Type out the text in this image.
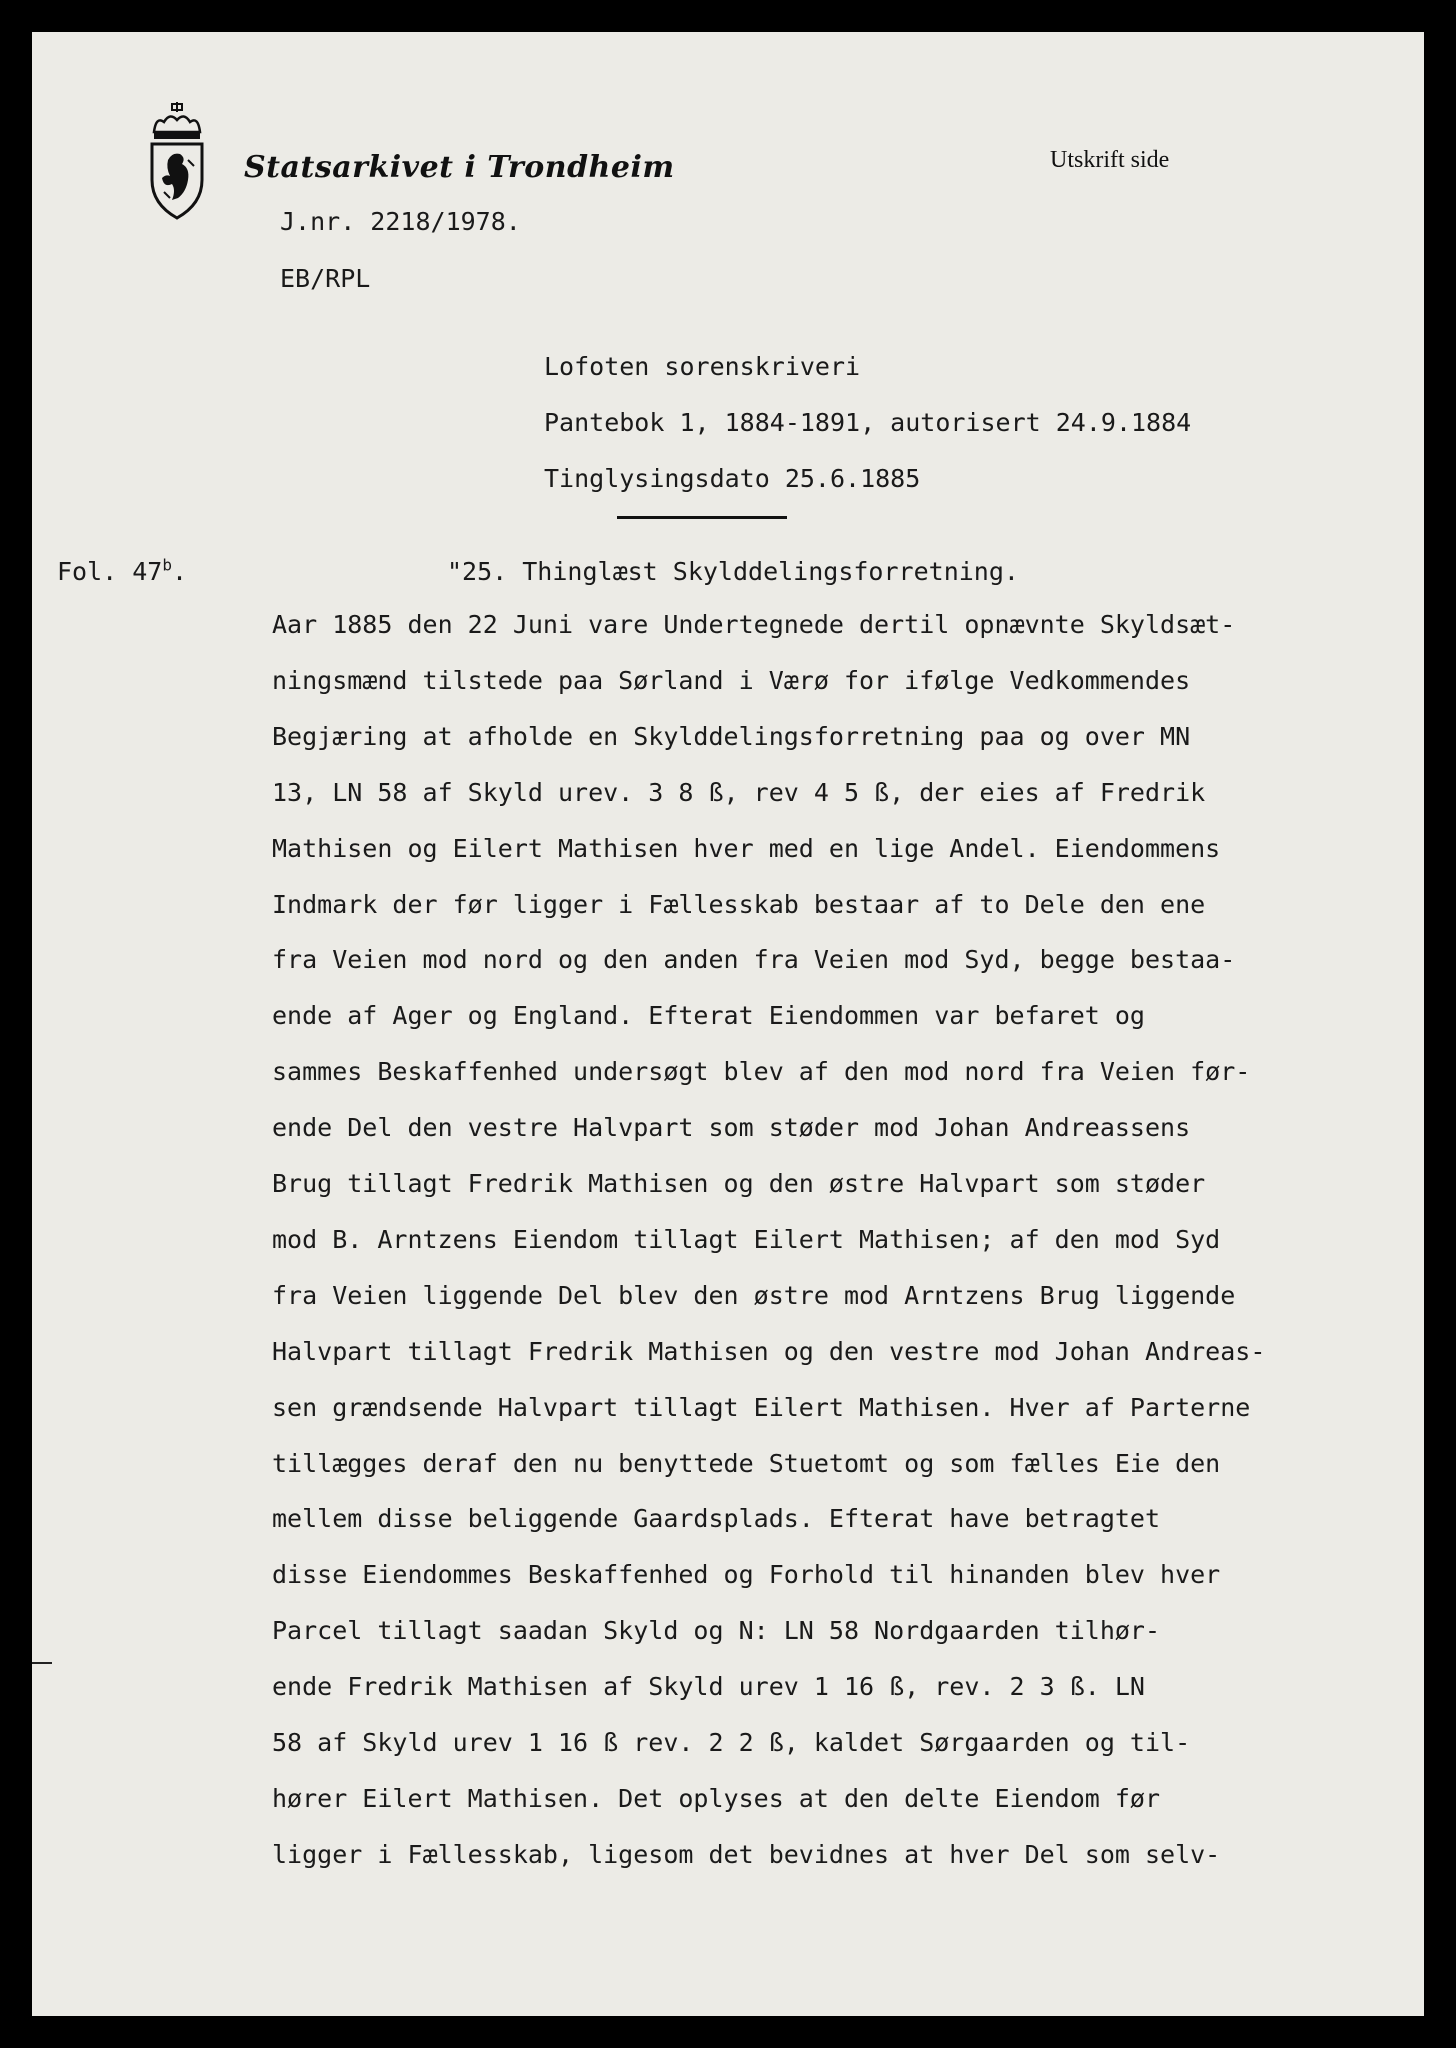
Statsarkivet i Trondheim	Utskrift side
J.nr. 2218/1978.
EB/RPL
Lofoten sorenskriveri
Pantebok 1, 1884-1891, autorisert 24.9.1884
Tinglysingsdato 25.6.1885
Fol. 47$^b$.	"25. Thinglæst Skylddelingsforretning.
Aar 1885 den 22 Juni vare Undertegnede dertil opnævnte Skyldsæt-
ningsmænd tilstede paa Sørland i Værø for ifølge Vedkommendes
Begjæring at afholde en Skylddelingsforretning paa og over MN
13, LN 58 af Skyld urev. 3 8 ß, rev 4 5 ß, der eies af Fredrik
Mathisen og Eilert Mathisen hver med en lige Andel. Eiendommens
Indmark der før ligger i Fællesskab bestaar af to Dele den ene
fra Veien mod nord og den anden fra Veien mod Syd, begge bestaa-
ende af Ager og England. Efterat Eiendommen var befaret og
sammes Beskaffenhed undersøgt blev af den mod nord fra Veien før-
ende Del den vestre Halvpart som støder mod Johan Andreassens
Brug tillagt Fredrik Mathisen og den østre Halvpart som støder
mod B. Arntzens Eiendom tillagt Eilert Mathisen; af den mod Syd
fra Veien liggende Del blev den østre mod Arntzens Brug liggende
Halvpart tillagt Fredrik Mathisen og den vestre mod Johan Andreas-
sen grændsende Halvpart tillagt Eilert Mathisen. Hver af Parterne
tillægges deraf den nu benyttede Stuetomt og som fælles Eie den
mellem disse beliggende Gaardsplads. Efterat have betragtet
disse Eiendommes Beskaffenhed og Forhold til hinanden blev hver
Parcel tillagt saadan Skyld og N: LN 58 Nordgaarden tilhør-
ende Fredrik Mathisen af Skyld urev 1 16 ß, rev. 2 3 ß. LN
58 af Skyld urev 1 16 ß rev. 2 2 ß, kaldet Sørgaarden og til-
hører Eilert Mathisen. Det oplyses at den delte Eiendom før
ligger i Fællesskab, ligesom det bevidnes at hver Del som selv-
